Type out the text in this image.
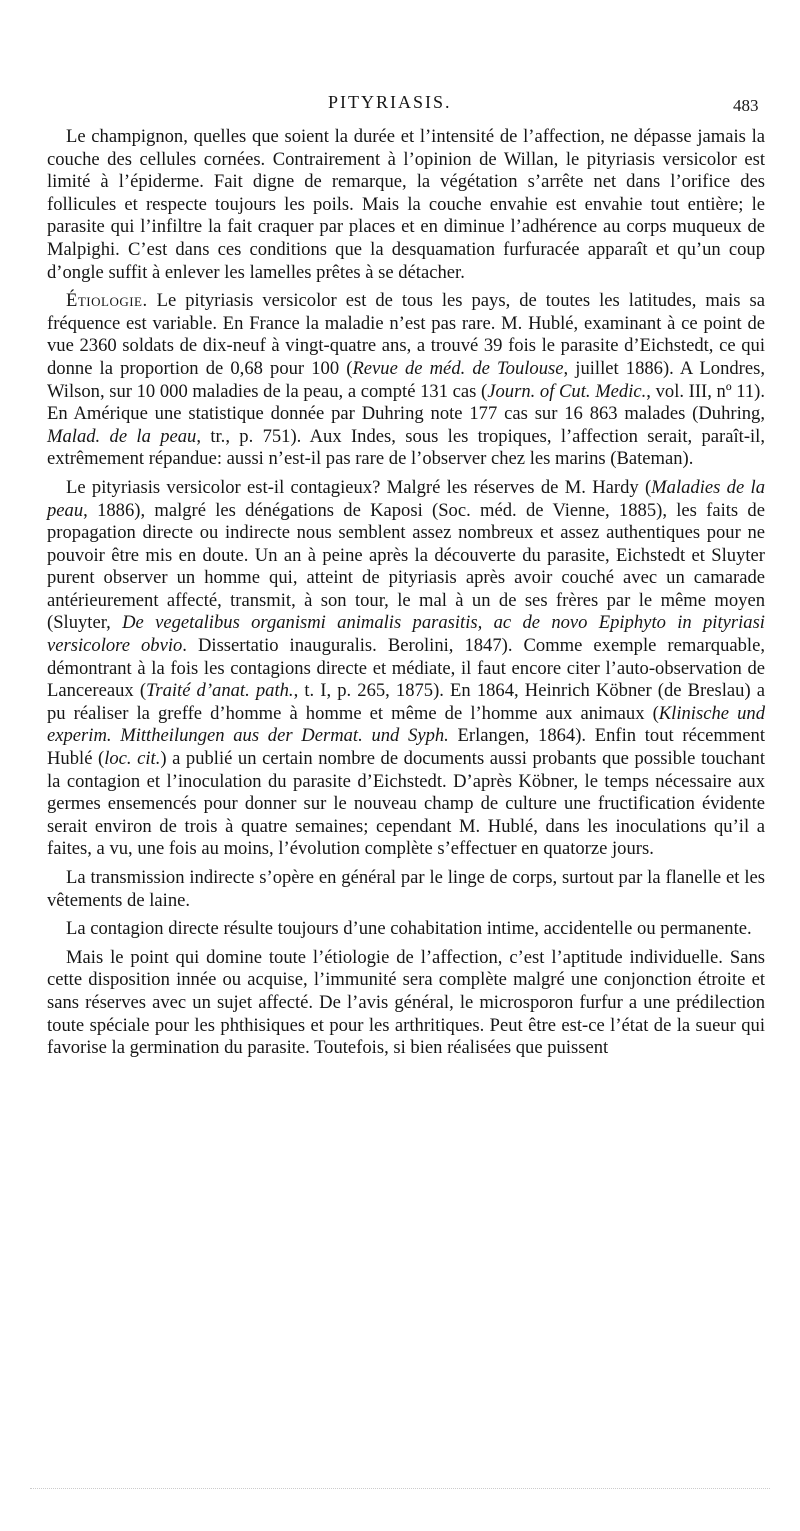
PITYRIASIS.	483

Le champignon, quelles que soient la durée et l’intensité de l’affection, ne dépasse jamais la couche des cellules cornées. Contrairement à l’opinion de Willan, le pityriasis versicolor est limité à l’épiderme. Fait digne de remarque, la végétation s’arrête net dans l’orifice des follicules et respecte toujours les poils. Mais la couche envahie est envahie tout entière; le parasite qui l’infiltre la fait craquer par places et en diminue l’adhérence au corps muqueux de Malpighi. C’est dans ces conditions que la desquamation furfuracée apparaît et qu’un coup d’ongle suffit à enlever les lamelles prêtes à se détacher.

Étiologie. Le pityriasis versicolor est de tous les pays, de toutes les latitudes, mais sa fréquence est variable. En France la maladie n’est pas rare. M. Hublé, examinant à ce point de vue 2360 soldats de dix-neuf à vingt-quatre ans, a trouvé 39 fois le parasite d’Eichstedt, ce qui donne la proportion de 0,68 pour 100 (Revue de méd. de Toulouse, juillet 1886). A Londres, Wilson, sur 10 000 maladies de la peau, a compté 131 cas (Journ. of Cut. Medic., vol. III, nº 11). En Amérique une statistique donnée par Duhring note 177 cas sur 16 863 malades (Duhring, Malad. de la peau, tr., p. 751). Aux Indes, sous les tropiques, l’affection serait, paraît-il, extrêmement répandue: aussi n’est-il pas rare de l’observer chez les marins (Bateman).

Le pityriasis versicolor est-il contagieux? Malgré les réserves de M. Hardy (Maladies de la peau, 1886), malgré les dénégations de Kaposi (Soc. méd. de Vienne, 1885), les faits de propagation directe ou indirecte nous semblent assez nombreux et assez authentiques pour ne pouvoir être mis en doute. Un an à peine après la découverte du parasite, Eichstedt et Sluyter purent observer un homme qui, atteint de pityriasis après avoir couché avec un camarade antérieurement affecté, transmit, à son tour, le mal à un de ses frères par le même moyen (Sluyter, De vegetalibus organismi animalis parasitis, ac de novo Epiphyto in pityriasi versicolore obvio. Dissertatio inauguralis. Berolini, 1847). Comme exemple remarquable, démontrant à la fois les contagions directe et médiate, il faut encore citer l’auto-observation de Lancereaux (Traité d’anat. path., t. I, p. 265, 1875). En 1864, Heinrich Köbner (de Breslau) a pu réaliser la greffe d’homme à homme et même de l’homme aux animaux (Klinische und experim. Mittheilungen aus der Dermat. und Syph. Erlangen, 1864). Enfin tout récemment Hublé (loc. cit.) a publié un certain nombre de documents aussi probants que possible touchant la contagion et l’inoculation du parasite d’Eichstedt. D’après Köbner, le temps nécessaire aux germes ensemencés pour donner sur le nouveau champ de culture une fructification évidente serait environ de trois à quatre semaines; cependant M. Hublé, dans les inoculations qu’il a faites, a vu, une fois au moins, l’évolution complète s’effectuer en quatorze jours.

La transmission indirecte s’opère en général par le linge de corps, surtout par la flanelle et les vêtements de laine.

La contagion directe résulte toujours d’une cohabitation intime, accidentelle ou permanente.

Mais le point qui domine toute l’étiologie de l’affection, c’est l’aptitude individuelle. Sans cette disposition innée ou acquise, l’immunité sera complète malgré une conjonction étroite et sans réserves avec un sujet affecté. De l’avis général, le microsporon furfur a une prédilection toute spéciale pour les phthisiques et pour les arthritiques. Peut être est-ce l’état de la sueur qui favorise la germination du parasite. Toutefois, si bien réalisées que puissent
